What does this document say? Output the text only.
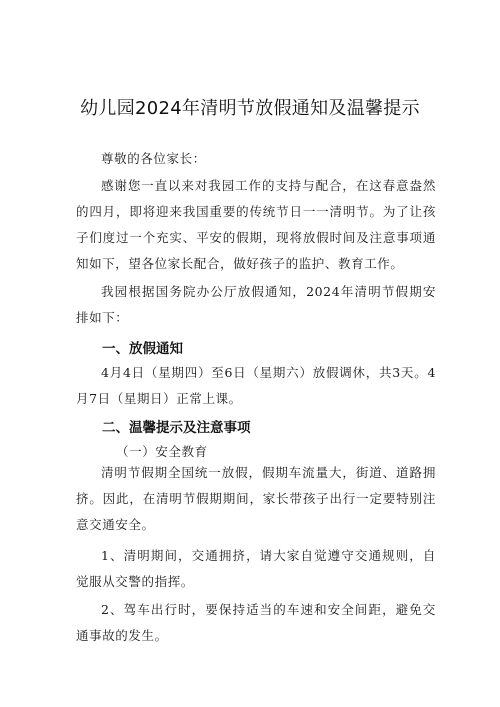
幼儿园2024年清明节放假通知及温馨提示
尊敬的各位家长：
感谢您一直以来对我园工作的支持与配合，在这春意盎然的四月，即将迎来我国重要的传统节日一一清明节。为了让孩子们度过一个充实、平安的假期，现将放假时间及注意事项通知如下，望各位家长配合，做好孩子的监护、教育工作。
我园根据国务院办公厅放假通知，2024年清明节假期安排如下：
一、放假通知
4月4日（星期四）至6日（星期六）放假调休，共3天。4月7日（星期日）正常上课。
二、温馨提示及注意事项
（一）安全教育
清明节假期全国统一放假，假期车流量大，街道、道路拥挤。因此，在清明节假期期间，家长带孩子出行一定要特别注意交通安全。
1、清明期间，交通拥挤，请大家自觉遵守交通规则，自觉服从交警的指挥。
2、驾车出行时，要保持适当的车速和安全间距，避免交通事故的发生。
